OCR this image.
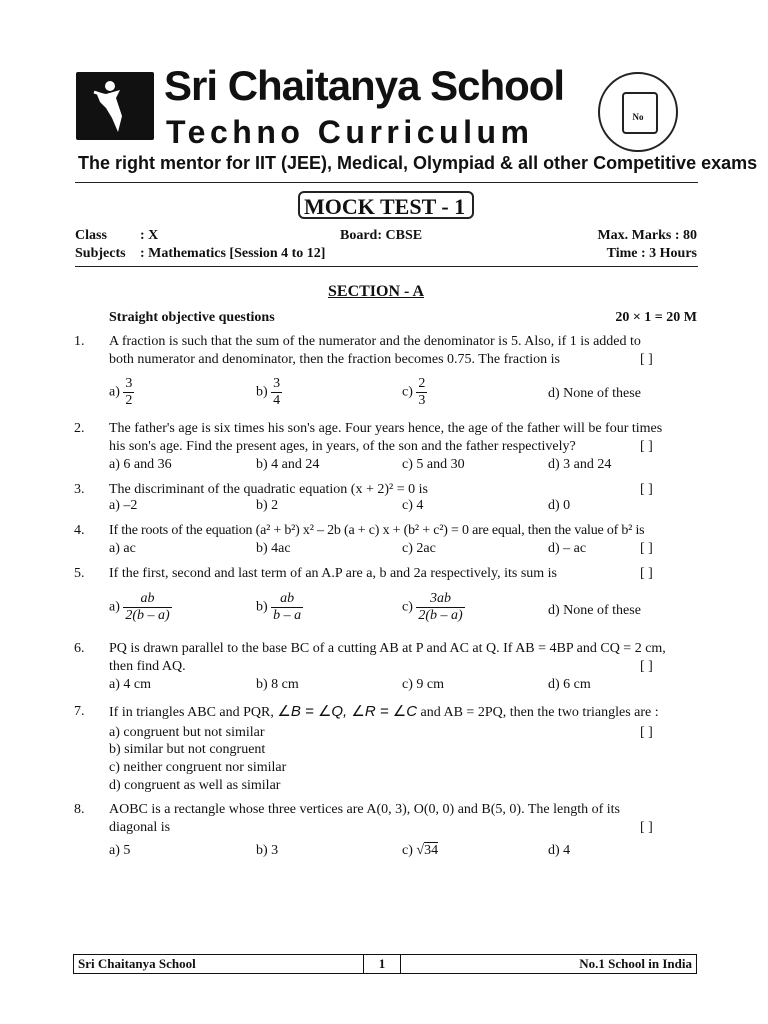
Sri Chaitanya School
Techno Curriculum	No
The right mentor for IIT (JEE), Medical, Olympiad & all other Competitive exams
MOCK TEST - 1
Class : X	Board: CBSE	Max. Marks : 80
Subjects : Mathematics [Session 4 to 12]	Time : 3 Hours
SECTION - A
Straight objective questions	20 × 1 = 20 M
1. A fraction is such that the sum of the numerator and the denominator is 5. Also, if 1 is added to
both numerator and denominator, then the fraction becomes 0.75. The fraction is	[ ]
$a) \frac{3}{2}$	$b) \frac{3}{4}$	$c) \frac{2}{3}$	d) None of these
2. The father's age is six times his son's age. Four years hence, the age of the father will be four times
his son's age. Find the present ages, in years, of the son and the father respectively?	[ ]
a) 6 and 36	b) 4 and 24	c) 5 and 30	d) 3 and 24
3. The discriminant of the quadratic equation (x + 2)² = 0 is	[ ]
a) –2	b) 2	c) 4	d) 0
4. If the roots of the equation (a² + b²) x² – 2b (a + c) x + (b² + c²) = 0 are equal, then the value of b² is
a) ac	b) 4ac	c) 2ac	d) – ac	[ ]
5. If the first, second and last term of an A.P are a, b and 2a respectively, its sum is	[ ]
$a) \frac{ab}{2(b - a)}$	$b) \frac{ab}{b - a}$	$c) \frac{3ab}{2(b - a)}$	d) None of these
6. PQ is drawn parallel to the base BC of a cutting AB at P and AC at Q. If AB = 4BP and CQ = 2 cm,
then find AQ.	[ ]
a) 4 cm	b) 8 cm	c) 9 cm	d) 6 cm
7. If in triangles ABC and PQR, ∠B = ∠Q, ∠R = ∠C and AB = 2PQ, then the two triangles are :
a) congruent but not similar	[ ]
b) similar but not congruent
c) neither congruent nor similar
d) congruent as well as similar
8. AOBC is a rectangle whose three vertices are A(0, 3), O(0, 0) and B(5, 0). The length of its
diagonal is	[ ]
a) 5	b) 3	c) √34	d) 4
Sri Chaitanya School	1	No.1 School in India
